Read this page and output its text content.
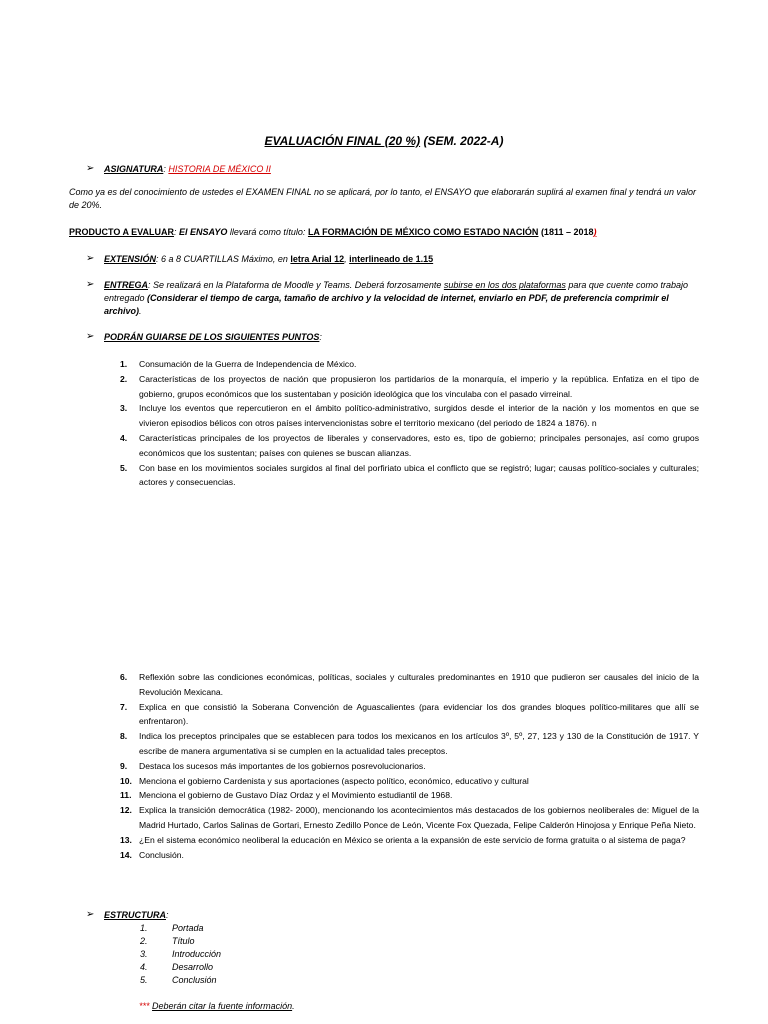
EVALUACIÓN FINAL (20 %) (SEM. 2022-A)
➢ ASIGNATURA: HISTORIA DE MÉXICO II
Como ya es del conocimiento de ustedes el EXAMEN FINAL no se aplicará, por lo tanto, el ENSAYO que elaborarán suplirá al examen final y tendrá un valor de 20%.
PRODUCTO A EVALUAR: El ENSAYO llevará como título: LA FORMACIÓN DE MÉXICO COMO ESTADO NACIÓN (1811 – 2018)
➢ EXTENSIÓN: 6 a 8 CUARTILLAS Máximo, en letra Arial 12, interlineado de 1.15
➢ ENTREGA: Se realizará en la Plataforma de Moodle y Teams. Deberá forzosamente subirse en los dos plataformas para que cuente como trabajo entregado (Considerar el tiempo de carga, tamaño de archivo y la velocidad de internet, enviarlo en PDF, de preferencia comprimir el archivo).
➢ PODRÁN GUIARSE DE LOS SIGUIENTES PUNTOS:
1. Consumación de la Guerra de Independencia de México.
2. Características de los proyectos de nación que propusieron los partidarios de la monarquía, el imperio y la república. Enfatiza en el tipo de gobierno, grupos económicos que los sustentaban y posición ideológica que los vinculaba con el pasado virreinal.
3. Incluye los eventos que repercutieron en el ámbito político-administrativo, surgidos desde el interior de la nación y los momentos en que se vivieron episodios bélicos con otros países intervencionistas sobre el territorio mexicano (del periodo de 1824 a 1876). n
4. Características principales de los proyectos de liberales y conservadores, esto es, tipo de gobierno; principales personajes, así como grupos económicos que los sustentan; países con quienes se buscan alianzas.
5. Con base en los movimientos sociales surgidos al final del porfiriato ubica el conflicto que se registró; lugar; causas político-sociales y culturales; actores y consecuencias.
6. Reflexión sobre las condiciones económicas, políticas, sociales y culturales predominantes en 1910 que pudieron ser causales del inicio de la Revolución Mexicana.
7. Explica en que consistió la Soberana Convención de Aguascalientes (para evidenciar los dos grandes bloques político-militares que allí se enfrentaron).
8. Indica los preceptos principales que se establecen para todos los mexicanos en los artículos 3º, 5º, 27, 123 y 130 de la Constitución de 1917. Y escribe de manera argumentativa si se cumplen en la actualidad tales preceptos.
9. Destaca los sucesos más importantes de los gobiernos posrevolucionarios.
10. Menciona el gobierno Cardenista y sus aportaciones (aspecto político, económico, educativo y cultural
11. Menciona el gobierno de Gustavo Díaz Ordaz y el Movimiento estudiantil de 1968.
12. Explica la transición democrática (1982- 2000), mencionando los acontecimientos más destacados de los gobiernos neoliberales de: Miguel de la Madrid Hurtado, Carlos Salinas de Gortari, Ernesto Zedillo Ponce de León, Vicente Fox Quezada, Felipe Calderón Hinojosa y Enrique Peña Nieto.
13. ¿En el sistema económico neoliberal la educación en México se orienta a la expansión de este servicio de forma gratuita o al sistema de paga?
14. Conclusión.
➢ ESTRUCTURA:
1.	Portada
2.	Título
3.	Introducción
4.	Desarrollo
5.	Conclusión
*** Deberán citar la fuente información.
